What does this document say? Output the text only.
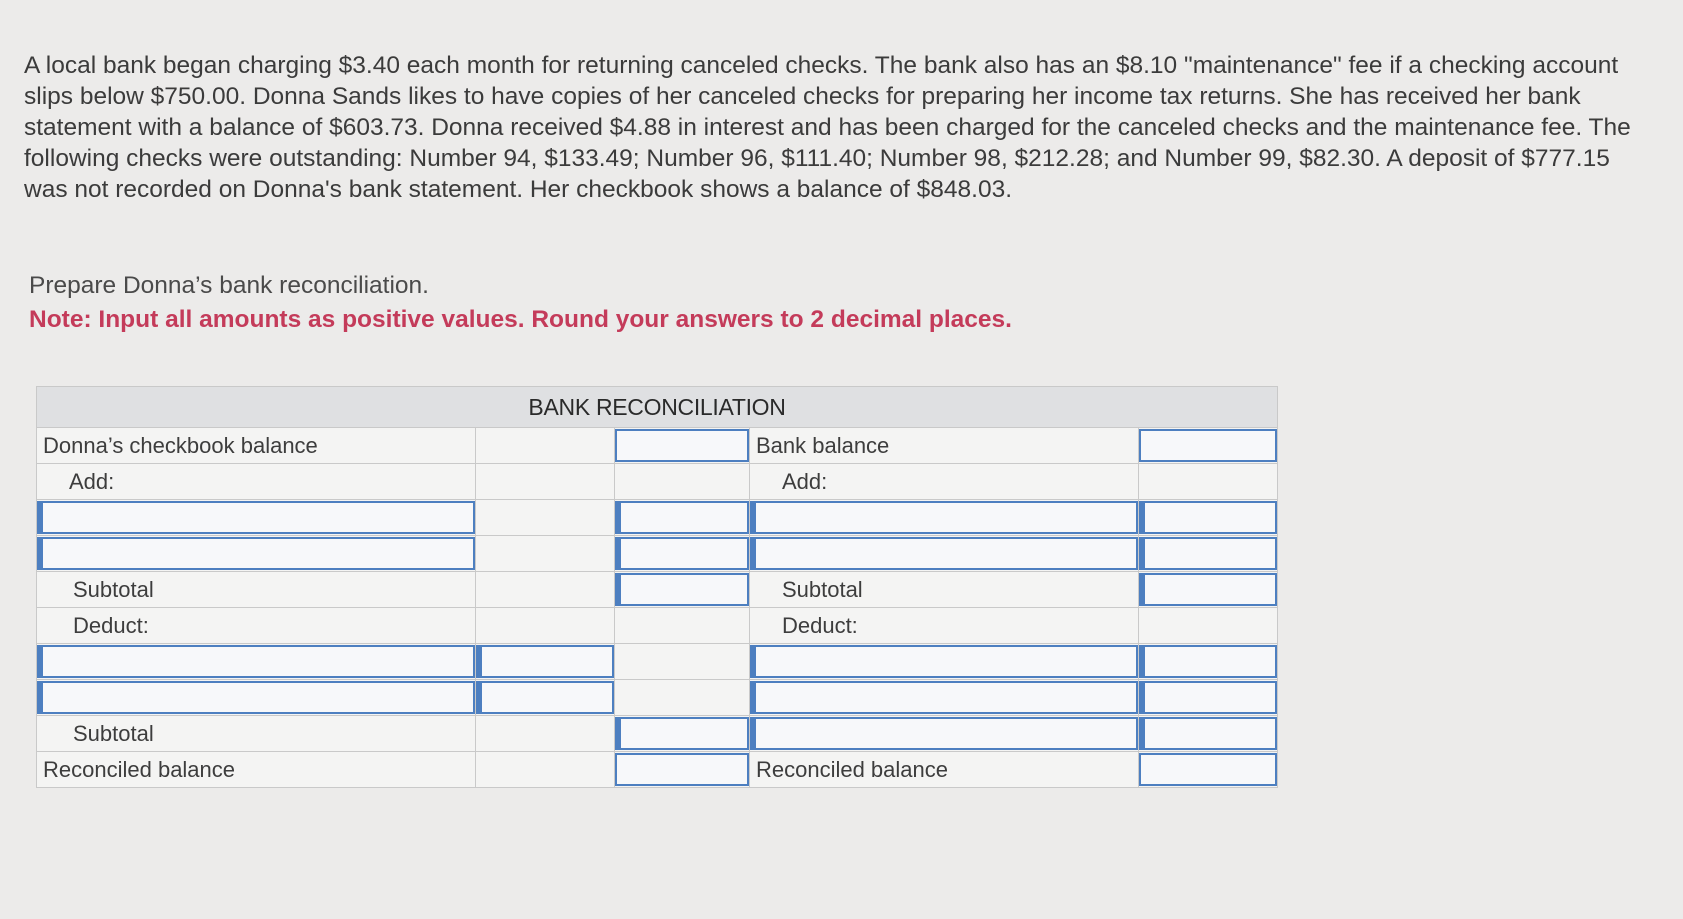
A local bank began charging $3.40 each month for returning canceled checks. The bank also has an $8.10 "maintenance" fee if a checking account slips below $750.00. Donna Sands likes to have copies of her canceled checks for preparing her income tax returns. She has received her bank statement with a balance of $603.73. Donna received $4.88 in interest and has been charged for the canceled checks and the maintenance fee. The following checks were outstanding: Number 94, $133.49; Number 96, $111.40; Number 98, $212.28; and Number 99, $82.30. A deposit of $777.15 was not recorded on Donna's bank statement. Her checkbook shows a balance of $848.03.
Prepare Donna’s bank reconciliation.
Note: Input all amounts as positive values. Round your answers to 2 decimal places.
BANK RECONCILIATION				
Donna’s checkbook balance			Bank balance	

Add:			Add:	

Subtotal			Subtotal	

Deduct:			Deduct:	

Subtotal		

Reconciled balance			Reconciled balance	
